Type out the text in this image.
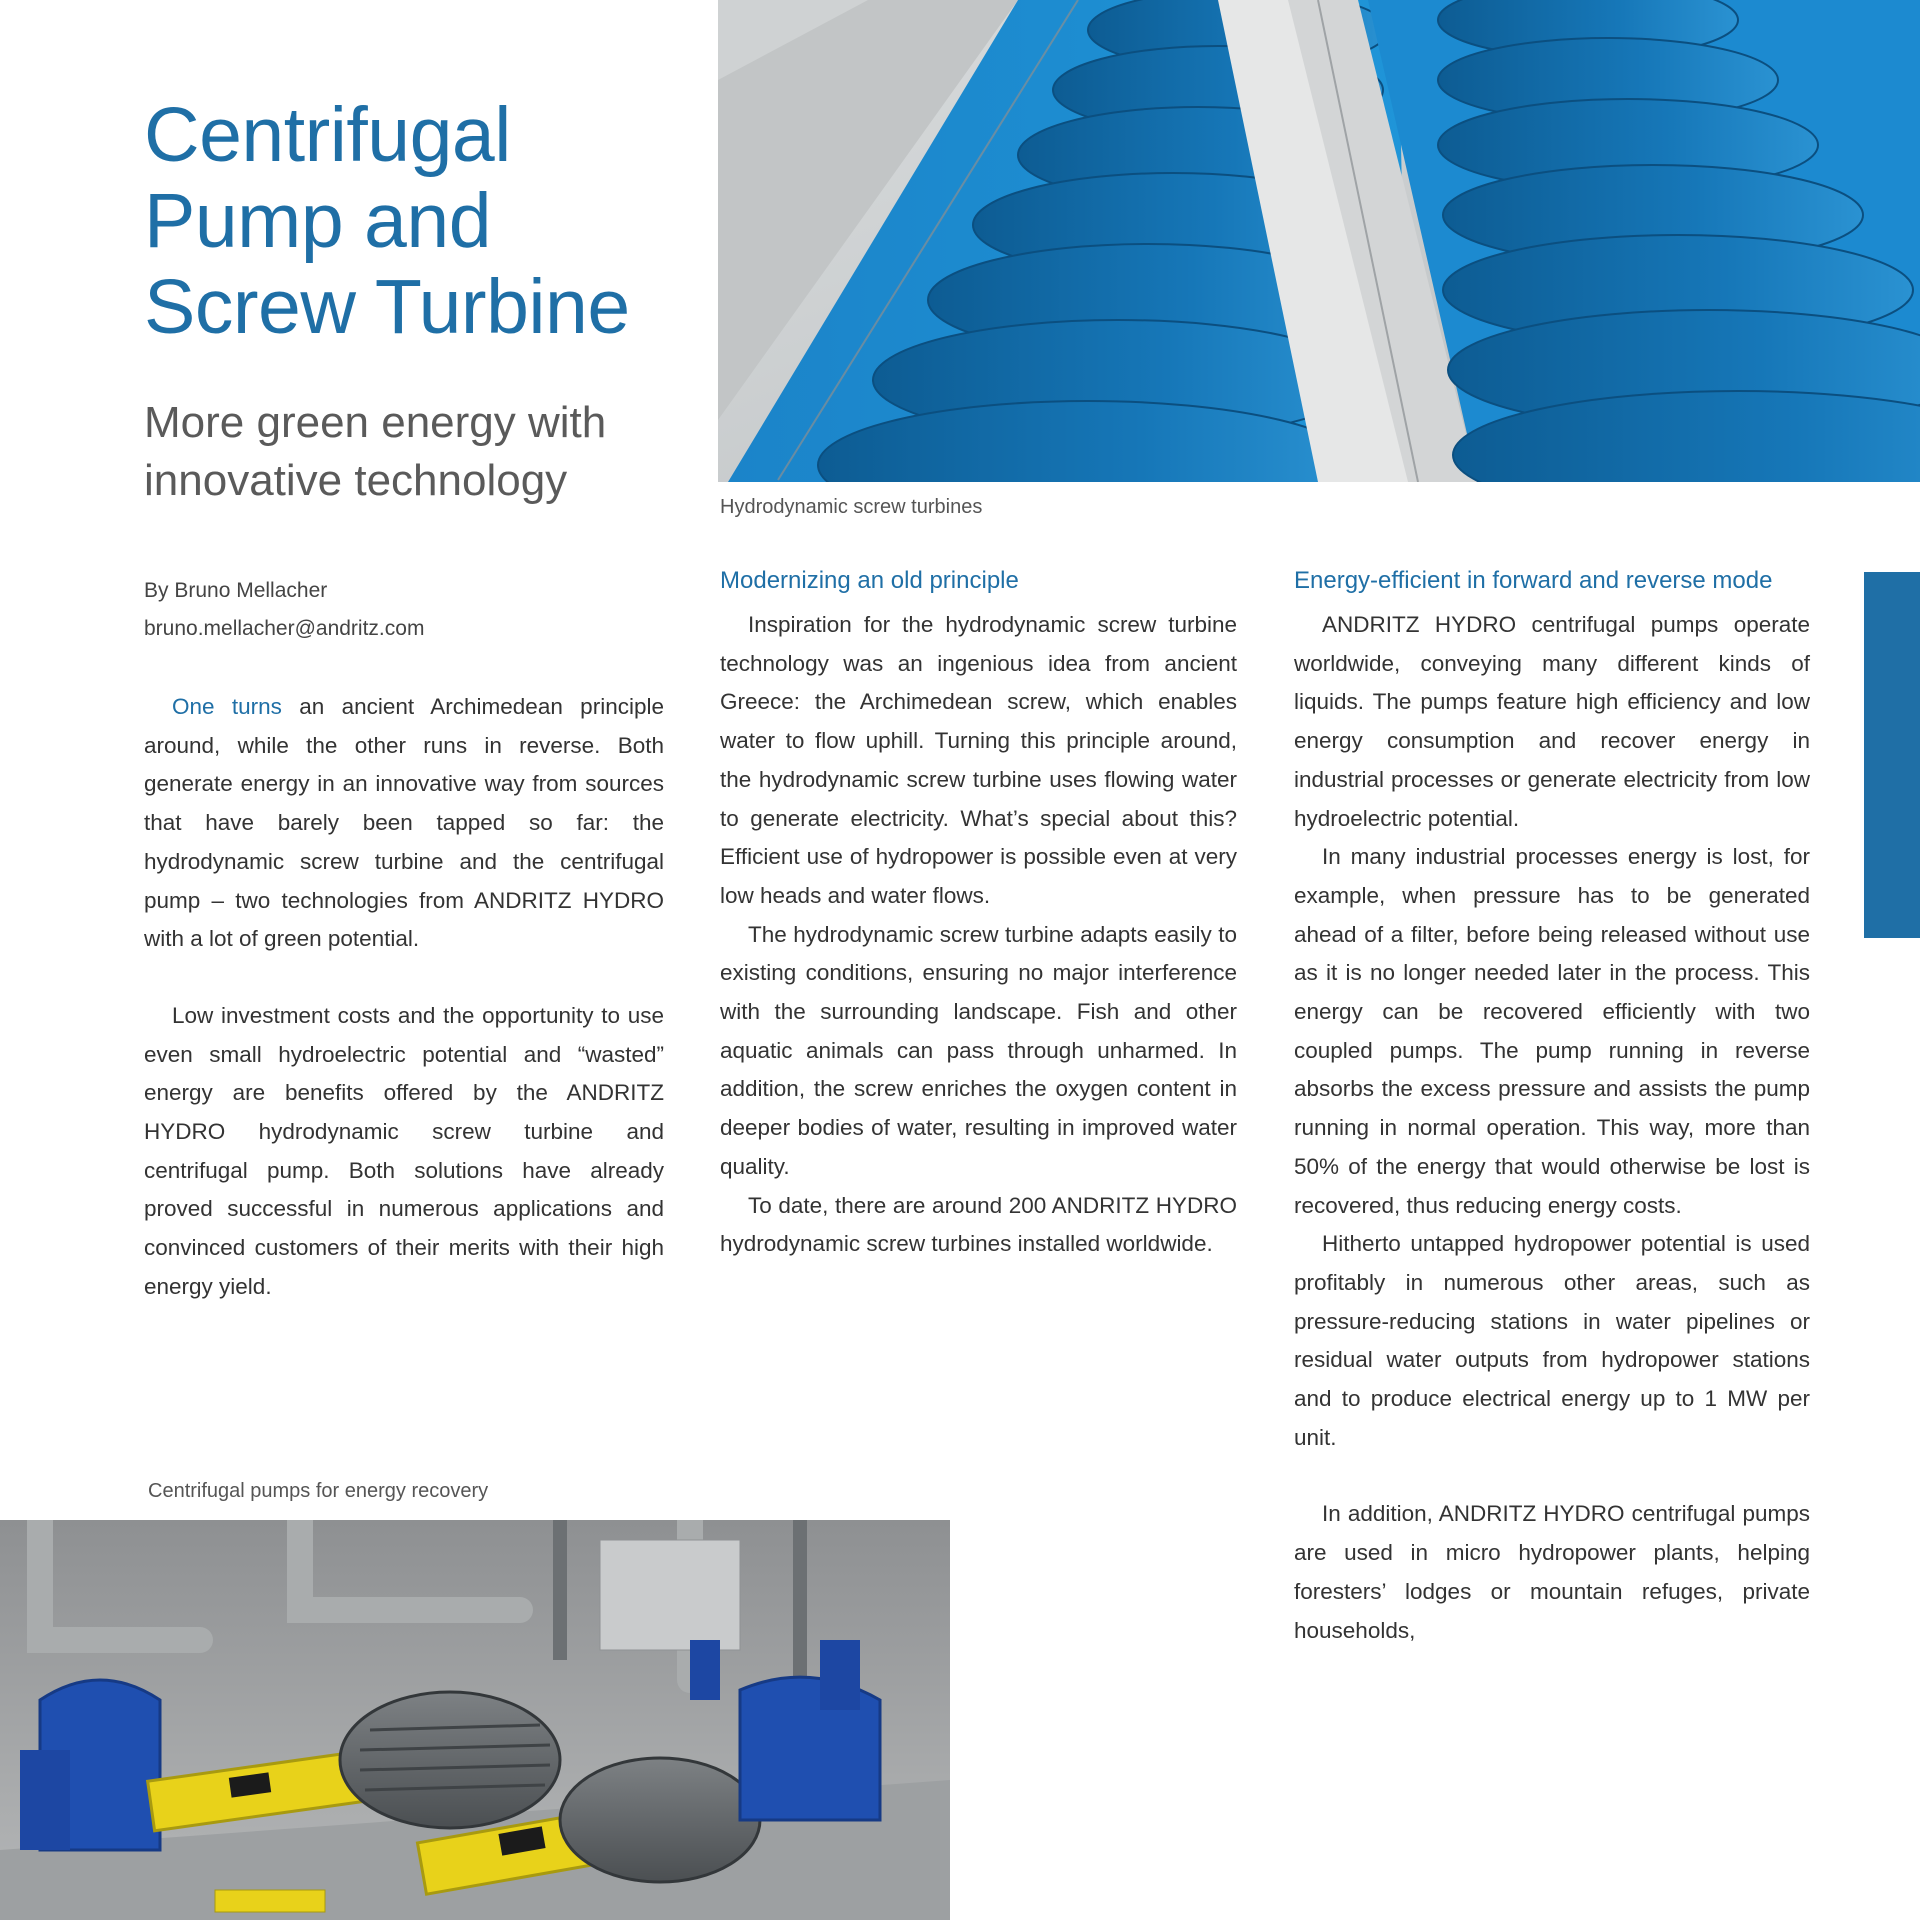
Centrifugal
Pump and
Screw Turbine
More green energy with
innovative technology
By Bruno Mellacher
bruno.mellacher@andritz.com
Hydrodynamic screw turbines

One turns an ancient Archimedean principle around, while the other runs in reverse. Both generate energy in an innovative way from sources that have barely been tapped so far: the hydrodynamic screw turbine and the centrifugal pump – two technologies from ANDRITZ HYDRO with a lot of green potential.

Low investment costs and the opportunity to use even small hydroelectric potential and “wasted” energy are benefits offered by the ANDRITZ HYDRO hydrodynamic screw turbine and centrifugal pump. Both solutions have already proved successful in numerous applications and convinced customers of their merits with their high energy yield.

Modernizing an old principle

Inspiration for the hydrodynamic screw turbine technology was an ingenious idea from ancient Greece: the Archimedean screw, which enables water to flow uphill. Turning this principle around, the hydrodynamic screw turbine uses flowing water to generate electricity. What’s special about this? Efficient use of hydropower is possible even at very low heads and water flows.

The hydrodynamic screw turbine adapts easily to existing conditions, ensuring no major interference with the surrounding landscape. Fish and other aquatic animals can pass through unharmed. In addition, the screw enriches the oxygen content in deeper bodies of water, resulting in improved water quality.

To date, there are around 200 ANDRITZ HYDRO hydrodynamic screw turbines installed worldwide.

Energy-efficient in forward and reverse mode

ANDRITZ HYDRO centrifugal pumps operate worldwide, conveying many different kinds of liquids. The pumps feature high efficiency and low energy consumption and recover energy in industrial processes or generate electricity from low hydroelectric potential.

In many industrial processes energy is lost, for example, when pressure has to be generated ahead of a filter, before being released without use as it is no longer needed later in the process. This energy can be recovered efficiently with two coupled pumps. The pump running in reverse absorbs the excess pressure and assists the pump running in normal operation. This way, more than 50% of the energy that would otherwise be lost is recovered, thus reducing energy costs.

Hitherto untapped hydropower potential is used profitably in numerous other areas, such as pressure-reducing stations in water pipelines or residual water outputs from hydropower stations and to produce electrical energy up to 1 MW per unit.

In addition, ANDRITZ HYDRO centrifugal pumps are used in micro hydropower plants, helping foresters’ lodges or mountain refuges, private households,

Centrifugal pumps for energy recovery
